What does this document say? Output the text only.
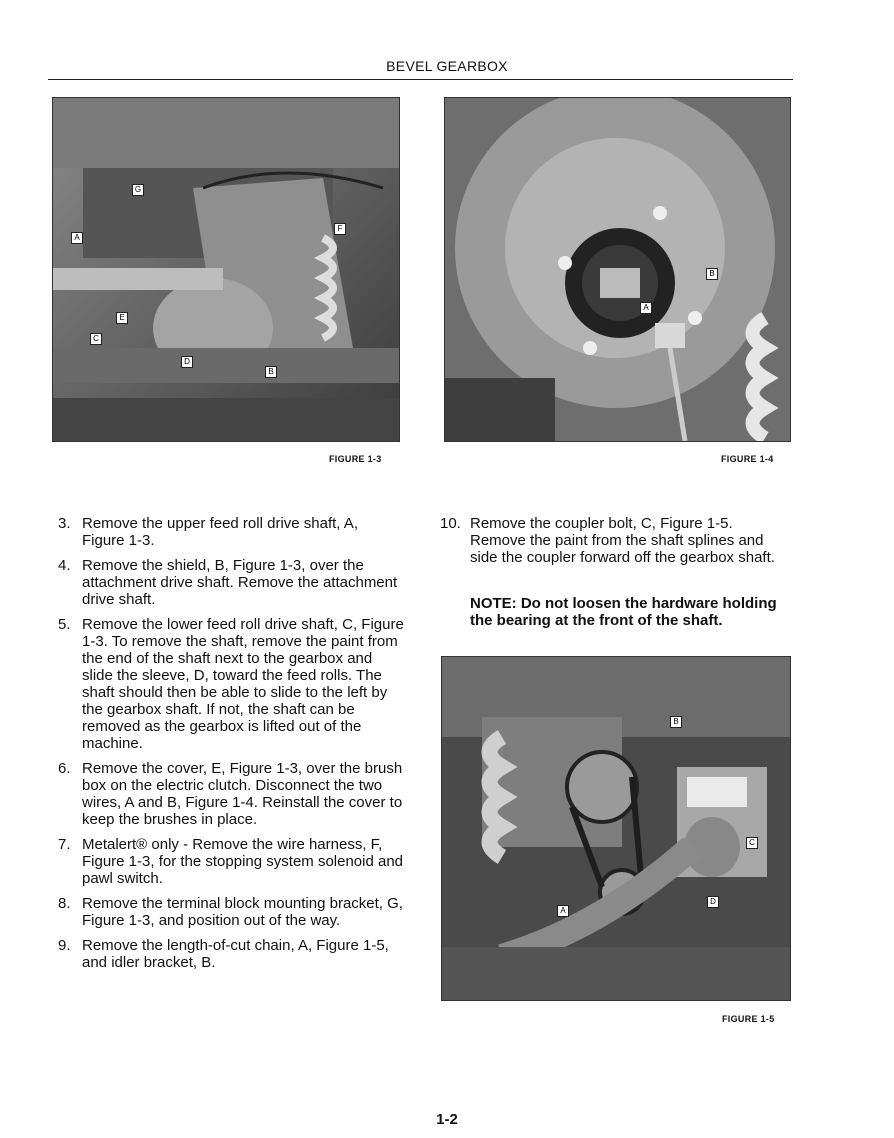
BEVEL GEARBOX
G
A
F
E
C
D
B
FIGURE 1-3
B
A
FIGURE 1-4
B
C
D
A
FIGURE 1-5
3. Remove the upper feed roll drive shaft, A, Figure 1-3.
4. Remove the shield, B, Figure 1-3, over the attachment drive shaft. Remove the attachment drive shaft.
5. Remove the lower feed roll drive shaft, C, Figure 1-3. To remove the shaft, remove the paint from the end of the shaft next to the gearbox and slide the sleeve, D, toward the feed rolls. The shaft should then be able to slide to the left by the gearbox shaft. If not, the shaft can be removed as the gearbox is lifted out of the machine.
6. Remove the cover, E, Figure 1-3, over the brush box on the electric clutch. Disconnect the two wires, A and B, Figure 1-4. Reinstall the cover to keep the brushes in place.
7. Metalert® only - Remove the wire harness, F, Figure 1-3, for the stopping system solenoid and pawl switch.
8. Remove the terminal block mounting bracket, G, Figure 1-3, and position out of the way.
9. Remove the length-of-cut chain, A, Figure 1-5, and idler bracket, B.
10. Remove the coupler bolt, C, Figure 1-5. Remove the paint from the shaft splines and side the coupler forward off the gearbox shaft.
NOTE: Do not loosen the hardware holding the bearing at the front of the shaft.
1-2
